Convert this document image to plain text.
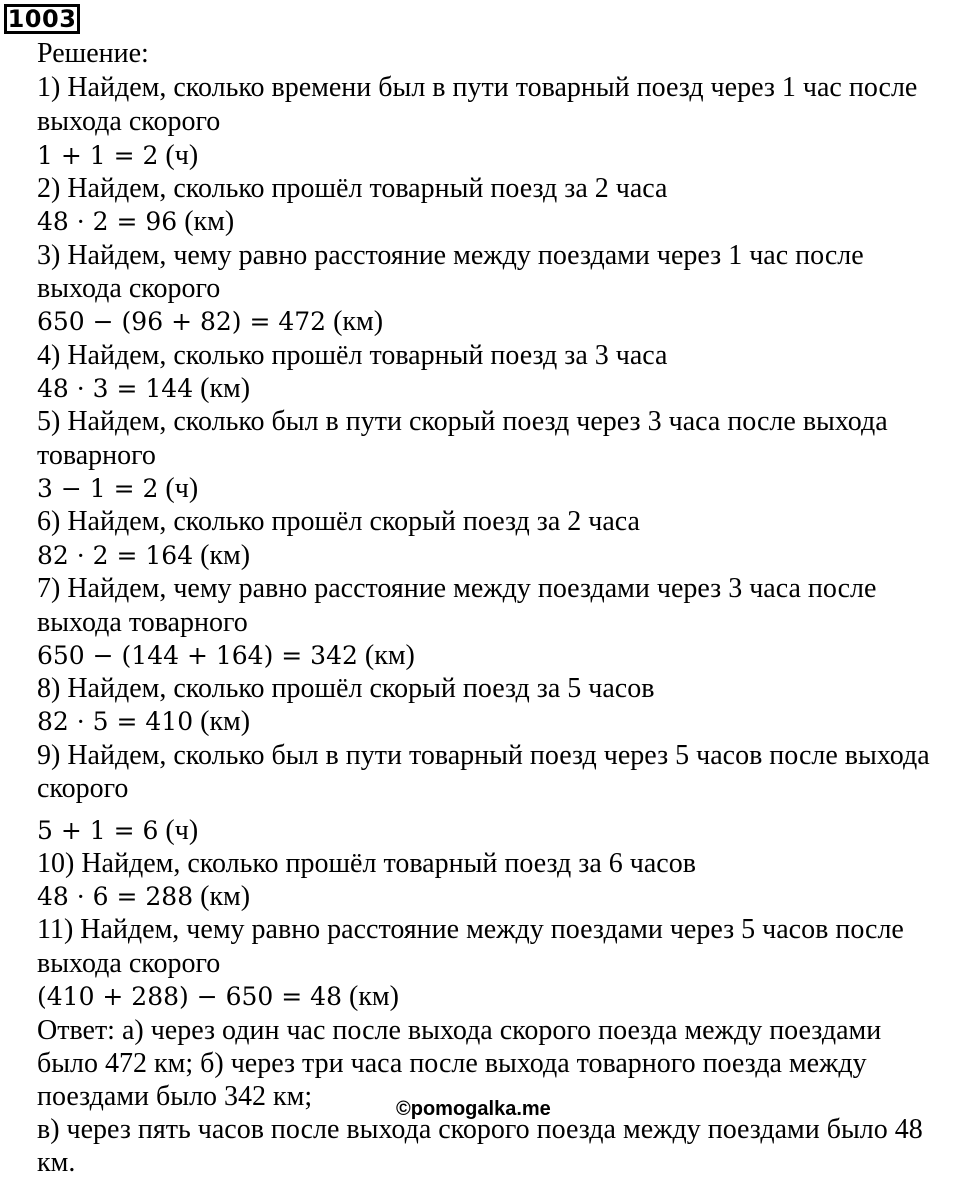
1003
Решение:
1) Найдем, сколько времени был в пути товарный поезд через 1 час после
выхода скорого
1 + 1 = 2 (ч)
2) Найдем, сколько прошёл товарный поезд за 2 часа
48 · 2 = 96 (км)
3) Найдем, чему равно расстояние между поездами через 1 час после
выхода скорого
650 − (96 + 82) = 472 (км)
4) Найдем, сколько прошёл товарный поезд за 3 часа
48 · 3 = 144 (км)
5) Найдем, сколько был в пути скорый поезд через 3 часа после выхода
товарного
3 − 1 = 2 (ч)
6) Найдем, сколько прошёл скорый поезд за 2 часа
82 · 2 = 164 (км)
7) Найдем, чему равно расстояние между поездами через 3 часа после
выхода товарного
650 − (144 + 164) = 342 (км)
8) Найдем, сколько прошёл скорый поезд за 5 часов
82 · 5 = 410 (км)
9) Найдем, сколько был в пути товарный поезд через 5 часов после выхода
скорого
5 + 1 = 6 (ч)
10) Найдем, сколько прошёл товарный поезд за 6 часов
48 · 6 = 288 (км)
11) Найдем, чему равно расстояние между поездами через 5 часов после
выхода скорого
(410 + 288) − 650 = 48 (км)
Ответ: а) через один час после выхода скорого поезда между поездами
было 472 км; б) через три часа после выхода товарного поезда между
поездами было 342 км;
в) через пять часов после выхода скорого поезда между поездами было 48
км.
©pomogalka.me
